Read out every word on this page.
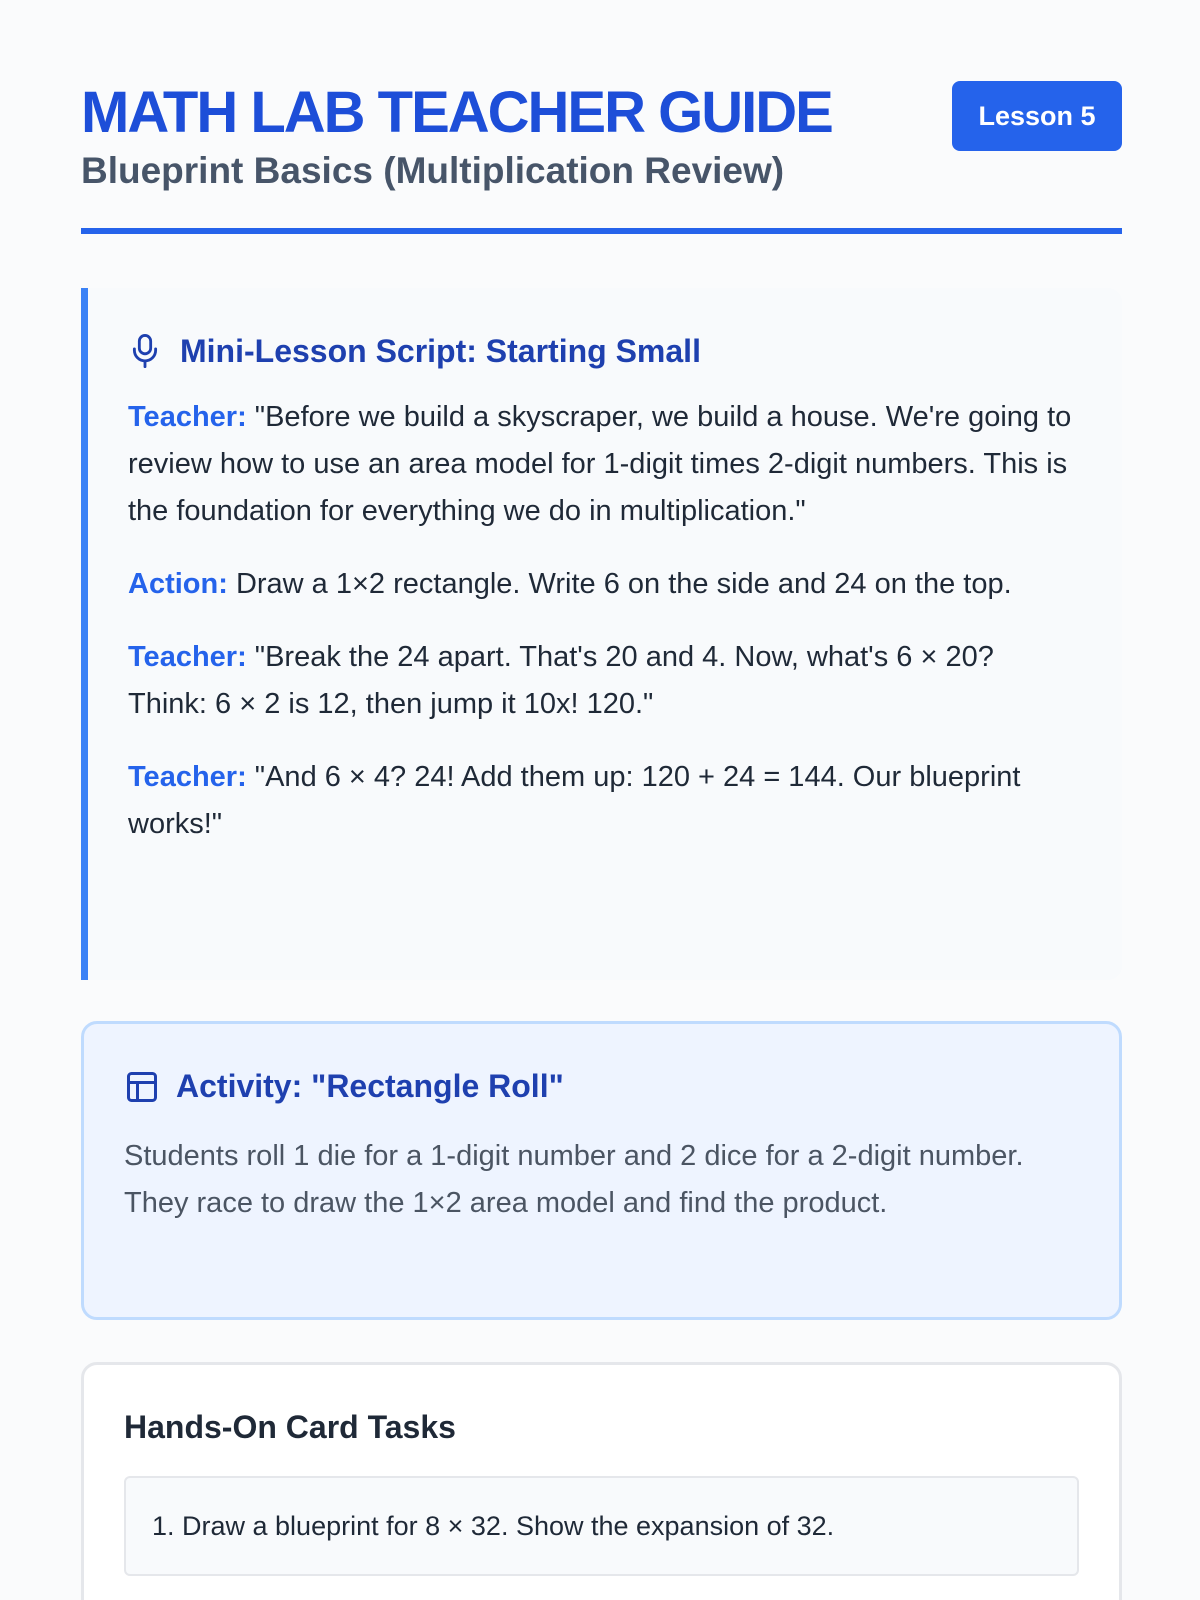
MATH LAB TEACHER GUIDE
Blueprint Basics (Multiplication Review)
Lesson 5
Mini-Lesson Script: Starting Small

Teacher: "Before we build a skyscraper, we build a house. We're going to review how to use an area model for 1-digit times 2-digit numbers. This is the foundation for everything we do in multiplication."

Action: Draw a 1×2 rectangle. Write 6 on the side and 24 on the top.

Teacher: "Break the 24 apart. That's 20 and 4. Now, what's 6 × 20? Think: 6 × 2 is 12, then jump it 10x! 120."

Teacher: "And 6 × 4? 24! Add them up: 120 + 24 = 144. Our blueprint works!"

Activity: "Rectangle Roll"

Students roll 1 die for a 1-digit number and 2 dice for a 2-digit number. They race to draw the 1×2 area model and find the product.

Hands-On Card Tasks
1. Draw a blueprint for 8 × 32. Show the expansion of 32.
